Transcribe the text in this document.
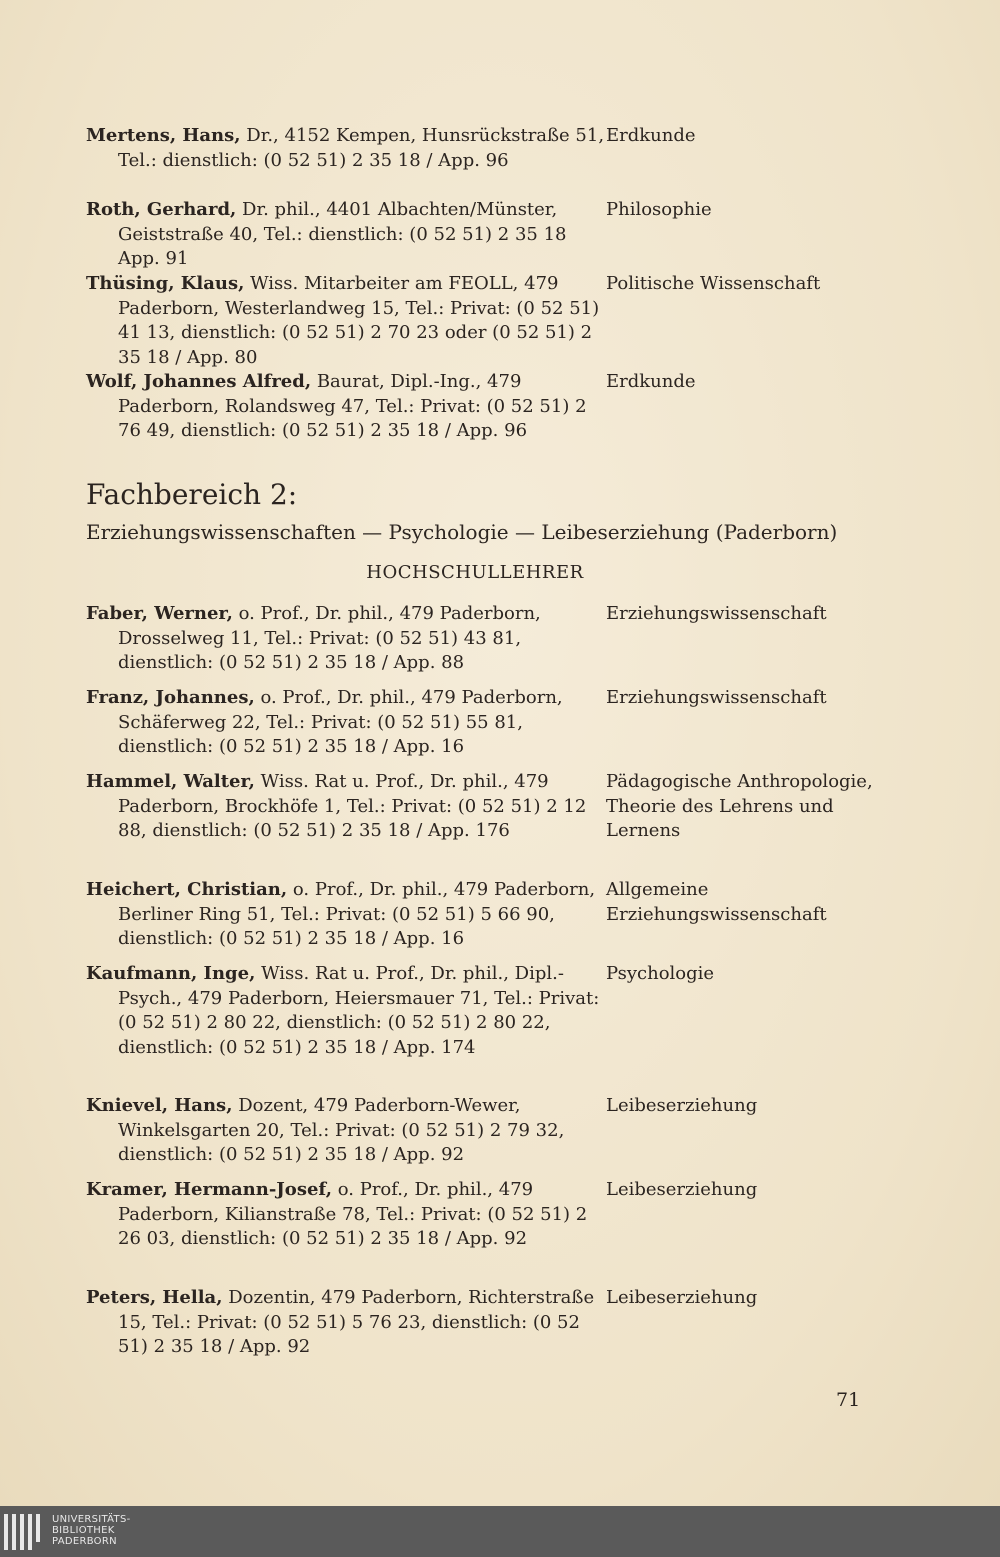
Mertens, Hans, Dr., 4152 Kempen, Hunsrückstraße 51, Tel.: dienstlich: (0 52 51) 2 35 18 / App. 96
Erdkunde
Roth, Gerhard, Dr. phil., 4401 Albachten/Münster, Geiststraße 40, Tel.: dienstlich: (0 52 51) 2 35 18 App. 91
Philosophie
Thüsing, Klaus, Wiss. Mitarbeiter am FEOLL, 479 Paderborn, Westerlandweg 15, Tel.: Privat: (0 52 51) 41 13, dienstlich: (0 52 51) 2 70 23 oder (0 52 51) 2 35 18 / App. 80
Politische Wissenschaft
Wolf, Johannes Alfred, Baurat, Dipl.-Ing., 479 Paderborn, Rolandsweg 47, Tel.: Privat: (0 52 51) 2 76 49, dienstlich: (0 52 51) 2 35 18 / App. 96
Erdkunde
Fachbereich 2:
Erziehungswissenschaften — Psychologie — Leibeserziehung (Paderborn)
HOCHSCHULLEHRER
Faber, Werner, o. Prof., Dr. phil., 479 Paderborn, Drosselweg 11, Tel.: Privat: (0 52 51) 43 81, dienstlich: (0 52 51) 2 35 18 / App. 88
Erziehungswissenschaft
Franz, Johannes, o. Prof., Dr. phil., 479 Paderborn, Schäferweg 22, Tel.: Privat: (0 52 51) 55 81, dienstlich: (0 52 51) 2 35 18 / App. 16
Erziehungswissenschaft
Hammel, Walter, Wiss. Rat u. Prof., Dr. phil., 479 Paderborn, Brockhöfe 1, Tel.: Privat: (0 52 51) 2 12 88, dienstlich: (0 52 51) 2 35 18 / App. 176
Pädagogische Anthropologie, Theorie des Lehrens und Lernens
Heichert, Christian, o. Prof., Dr. phil., 479 Paderborn, Berliner Ring 51, Tel.: Privat: (0 52 51) 5 66 90, dienstlich: (0 52 51) 2 35 18 / App. 16
Allgemeine Erziehungswissenschaft
Kaufmann, Inge, Wiss. Rat u. Prof., Dr. phil., Dipl.-Psych., 479 Paderborn, Heiersmauer 71, Tel.: Privat: (0 52 51) 2 80 22, dienstlich: (0 52 51) 2 80 22, dienstlich: (0 52 51) 2 35 18 / App. 174
Psychologie
Knievel, Hans, Dozent, 479 Paderborn-Wewer, Winkelsgarten 20, Tel.: Privat: (0 52 51) 2 79 32, dienstlich: (0 52 51) 2 35 18 / App. 92
Leibeserziehung
Kramer, Hermann-Josef, o. Prof., Dr. phil., 479 Paderborn, Kilianstraße 78, Tel.: Privat: (0 52 51) 2 26 03, dienstlich: (0 52 51) 2 35 18 / App. 92
Leibeserziehung
Peters, Hella, Dozentin, 479 Paderborn, Richterstraße 15, Tel.: Privat: (0 52 51) 5 76 23, dienstlich: (0 52 51) 2 35 18 / App. 92
Leibeserziehung
71
UNIVERSITÄTS-
BIBLIOTHEK
PADERBORN
